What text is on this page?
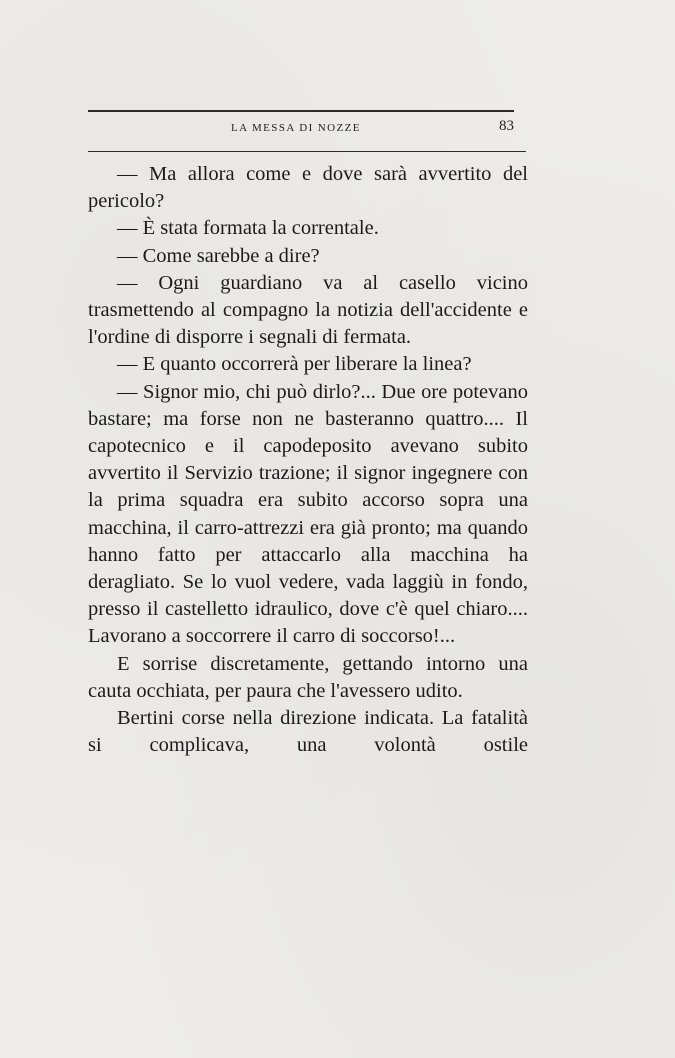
LA MESSA DI NOZZE	83

— Ma allora come e dove sarà avvertito del pericolo?

— È stata formata la correntale.

— Come sarebbe a dire?

— Ogni guardiano va al casello vicino trasmettendo al compagno la notizia dell'accidente e l'ordine di disporre i segnali di fermata.

— E quanto occorrerà per liberare la linea?

— Signor mio, chi può dirlo?... Due ore potevano bastare; ma forse non ne basteranno quattro.... Il capotecnico e il capodeposito avevano subito avvertito il Servizio trazione; il signor ingegnere con la prima squadra era subito accorso sopra una macchina, il carro-attrezzi era già pronto; ma quando hanno fatto per attaccarlo alla macchina ha deragliato. Se lo vuol vedere, vada laggiù in fondo, presso il castelletto idraulico, dove c'è quel chiaro.... Lavorano a soccorrere il carro di soccorso!...

E sorrise discretamente, gettando intorno una cauta occhiata, per paura che l'avessero udito.

Bertini corse nella direzione indicata. La fatalità si complicava, una volontà ostile
